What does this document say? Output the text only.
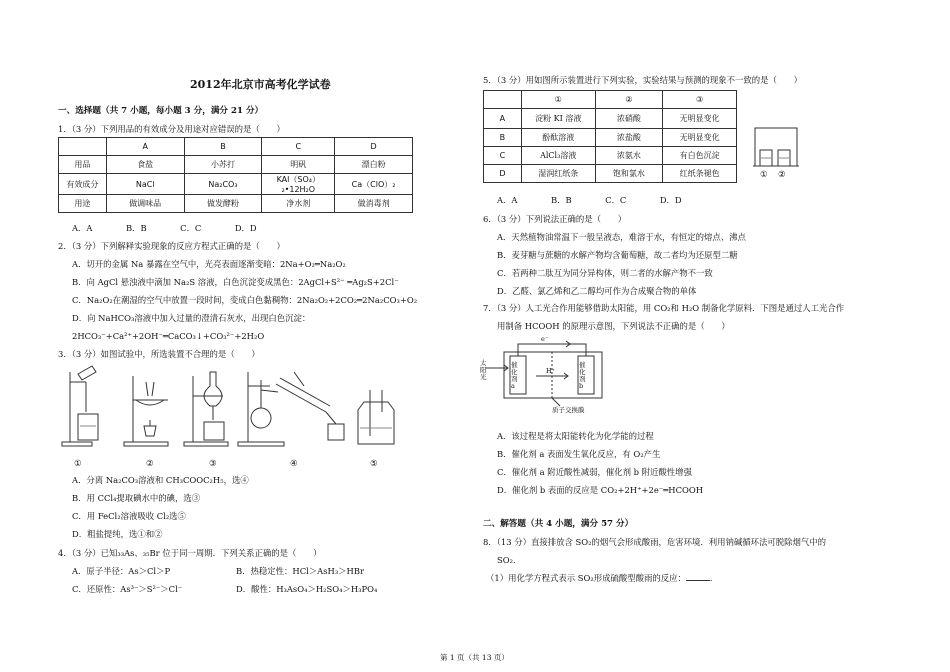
2012年北京市高考化学试卷
一、选择题（共 7 小题，每小题 3 分，满分 21 分）
1．（3 分）下列用品的有效成分及用途对应错误的是（　　）
	A	B	C	D
用品	食盐	小苏打	明矾	漂白粉
有效成分	NaCl	Na₂CO₃	KAl（SO₄）₂•12H₂O	Ca（ClO）₂
用途	做调味品	做发酵粉	净水剂	做消毒剂
A．A　　　　B．B　　　　C．C　　　　D．D
2．（3 分）下列解释实验现象的反应方程式正确的是（　　）
A．切开的金属 Na 暴露在空气中，光亮表面逐渐变暗：2Na+O₂═Na₂O₂
B．向 AgCl 悬浊液中滴加 Na₂S 溶液，白色沉淀变成黑色：2AgCl+S²⁻ ═Ag₂S+2Cl⁻
C．Na₂O₂在潮湿的空气中放置一段时间，变成白色黏稠物：2Na₂O₂+2CO₂═2Na₂CO₃+O₂
D．向 NaHCO₃溶液中加入过量的澄清石灰水，出现白色沉淀：
2HCO₃⁻+Ca²⁺+2OH⁻═CaCO₃↓+CO₃²⁻+2H₂O
3．（3 分）如图试验中，所选装置不合理的是（　　）
①	②	③	④	⑤
A．分离 Na₂CO₃溶液和 CH₃COOC₂H₅，选④
B．用 CCl₄提取碘水中的碘，选③
C．用 FeCl₂溶液吸收 Cl₂选⑤
D．粗盐提纯，选①和②
4．（3 分）已知₃₃As、₃₅Br 位于同一周期．下列关系正确的是（　　）
A．原子半径：As＞Cl＞P	B．热稳定性：HCl＞AsH₃＞HBr
C．还原性：As³⁻＞S²⁻＞Cl⁻	D．酸性：H₃AsO₄＞H₂SO₄＞H₃PO₄
5．（3 分）用如图所示装置进行下列实验，实验结果与预测的现象不一致的是（　　）
	①	②	③
A	淀粉 KI 溶液	浓硝酸	无明显变化
B	酚酞溶液	浓盐酸	无明显变化
C	AlCl₃溶液	浓氨水	有白色沉淀
D	湿润红纸条	饱和氯水	红纸条褪色	① ②
A．A　　　　B．B　　　　C．C　　　　D．D
6．（3 分）下列说法正确的是（　　）
A．天然植物油常温下一般呈液态，难溶于水，有恒定的熔点、沸点
B．麦芽糖与蔗糖的水解产物均含葡萄糖，故二者均为还原型二糖
C．若两种二肽互为同分异构体，则二者的水解产物不一致
D．乙醛、氯乙烯和乙二醇均可作为合成聚合物的单体
7．（3 分）人工光合作用能够借助太阳能，用 CO₂和 H₂O 制备化学原料．下图是通过人工光合作
用制备 HCOOH 的原理示意图，下列说法不正确的是（　　）
太阳光
催化剂a
催化剂b
e⁻
H⁺
质子交换膜
A．该过程是将太阳能转化为化学能的过程
B．催化剂 a 表面发生氧化反应，有 O₂产生
C．催化剂 a 附近酸性减弱，催化剂 b 附近酸性增强
D．催化剂 b 表面的反应是 CO₂+2H⁺+2e⁻═HCOOH
二、解答题（共 4 小题，满分 57 分）
8．（13 分）直接排放含 SO₂的烟气会形成酸雨，危害环境．利用钠碱循环法可脱除烟气中的
SO₂．
（1）用化学方程式表示 SO₂形成硫酸型酸雨的反应：	．
第 1 页（共 13 页）
